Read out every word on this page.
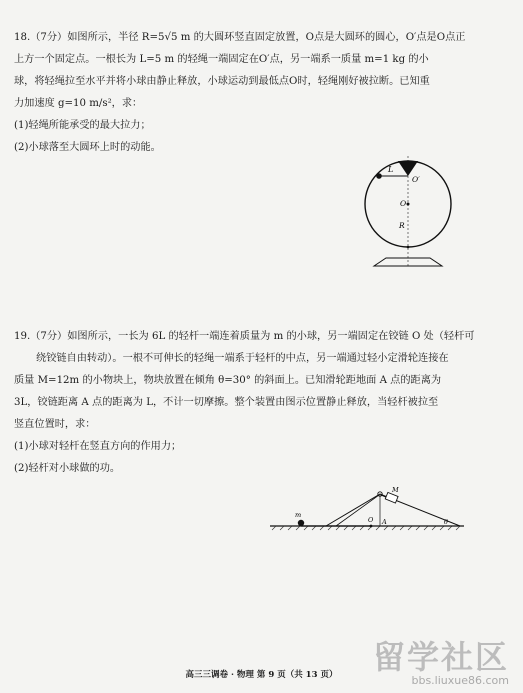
18.（7分）如图所示，半径 R=5√5 m 的大圆环竖直固定放置，O点是大圆环的圆心，O′点是O点正
上方一个固定点。一根长为 L=5 m 的轻绳一端固定在O′点，另一端系一质量 m=1 kg 的小
球，将轻绳拉至水平并将小球由静止释放，小球运动到最低点O时，轻绳刚好被拉断。已知重
力加速度 g=10 m/s²，求：
(1)轻绳所能承受的最大拉力；
(2)小球落至大圆环上时的动能。
L
O′
O
R
19.（7分）如图所示，一长为 6L 的轻杆一端连着质量为 m 的小球，另一端固定在铰链 O 处（轻杆可
绕铰链自由转动）。一根不可伸长的轻绳一端系于轻杆的中点，另一端通过轻小定滑轮连接在
质量 M=12m 的小物块上，物块放置在倾角 θ=30° 的斜面上。已知滑轮距地面 A 点的距离为
3L，铰链距离 A 点的距离为 L，不计一切摩擦。整个装置由图示位置静止释放，当轻杆被拉至
竖直位置时，求：
(1)小球对轻杆在竖直方向的作用力；
(2)轻杆对小球做的功。
m
M
O A	θ
高三三调卷 · 物理 第 9 页（共 13 页）	留学社区
bbs.liuxue86.com
